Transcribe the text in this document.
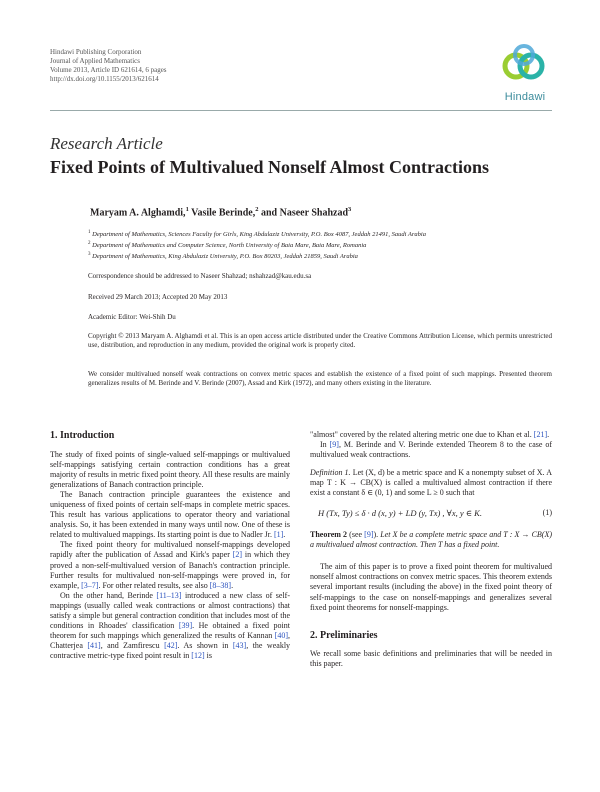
Hindawi Publishing Corporation
Journal of Applied Mathematics
Volume 2013, Article ID 621614, 6 pages
http://dx.doi.org/10.1155/2013/621614
Hindawi
Research Article
Fixed Points of Multivalued Nonself Almost Contractions
Maryam A. Alghamdi,$^1$ Vasile Berinde,$^2$ and Naseer Shahzad$^3$
$^1$ Department of Mathematics, Sciences Faculty for Girls, King Abdulaziz University, P.O. Box 4087, Jeddah 21491, Saudi Arabia
$^2$ Department of Mathematics and Computer Science, North University of Baia Mare, Baia Mare, Romania
$^3$ Department of Mathematics, King Abdulaziz University, P.O. Box 80203, Jeddah 21859, Saudi Arabia
Correspondence should be addressed to Naseer Shahzad; nshahzad@kau.edu.sa
Received 29 March 2013; Accepted 20 May 2013
Academic Editor: Wei-Shih Du
Copyright © 2013 Maryam A. Alghamdi et al. This is an open access article distributed under the Creative Commons Attribution License, which permits unrestricted use, distribution, and reproduction in any medium, provided the original work is properly cited.
We consider multivalued nonself weak contractions on convex metric spaces and establish the existence of a fixed point of such mappings. Presented theorem generalizes results of M. Berinde and V. Berinde (2007), Assad and Kirk (1972), and many others existing in the literature.
1. Introduction

The study of fixed points of single-valued self-mappings or multivalued self-mappings satisfying certain contraction conditions has a great majority of results in metric fixed point theory. All these results are mainly generalizations of Banach contraction principle.

The Banach contraction principle guarantees the existence and uniqueness of fixed points of certain self-maps in complete metric spaces. This result has various applications to operator theory and variational analysis. So, it has been extended in many ways until now. One of these is related to multivalued mappings. Its starting point is due to Nadler Jr. [1].

The fixed point theory for multivalued nonself-mappings developed rapidly after the publication of Assad and Kirk's paper [2] in which they proved a non-self-multivalued version of Banach's contraction principle. Further results for multivalued non-self-mappings were proved in, for example, [3–7]. For other related results, see also [8–38].

On the other hand, Berinde [11–13] introduced a new class of self-mappings (usually called weak contractions or almost contractions) that satisfy a simple but general contraction condition that includes most of the conditions in Rhoades' classification [39]. He obtained a fixed point theorem for such mappings which generalized the results of Kannan [40], Chatterjea [41], and Zamfirescu [42]. As shown in [43], the weakly contractive metric-type fixed point result in [12] is

"almost" covered by the related altering metric one due to Khan et al. [21].

In [9], M. Berinde and V. Berinde extended Theorem 8 to the case of multivalued weak contractions.

Definition 1. Let (X, d) be a metric space and K a nonempty subset of X. A map T : K → CB(X) is called a multivalued almost contraction if there exist a constant δ ∈ (0, 1) and some L ≥ 0 such that

H (Tx, Ty) ≤ δ · d (x, y) + LD (y, Tx) , ∀x, y ∈ K.	(1)

Theorem 2 (see [9]). Let X be a complete metric space and T : X → CB(X) a multivalued almost contraction. Then T has a fixed point.

The aim of this paper is to prove a fixed point theorem for multivalued nonself almost contractions on convex metric spaces. This theorem extends several important results (including the above) in the fixed point theory of self-mappings to the case on nonself-mappings and generalizes several fixed point theorems for nonself-mappings.

2. Preliminaries

We recall some basic definitions and preliminaries that will be needed in this paper.
